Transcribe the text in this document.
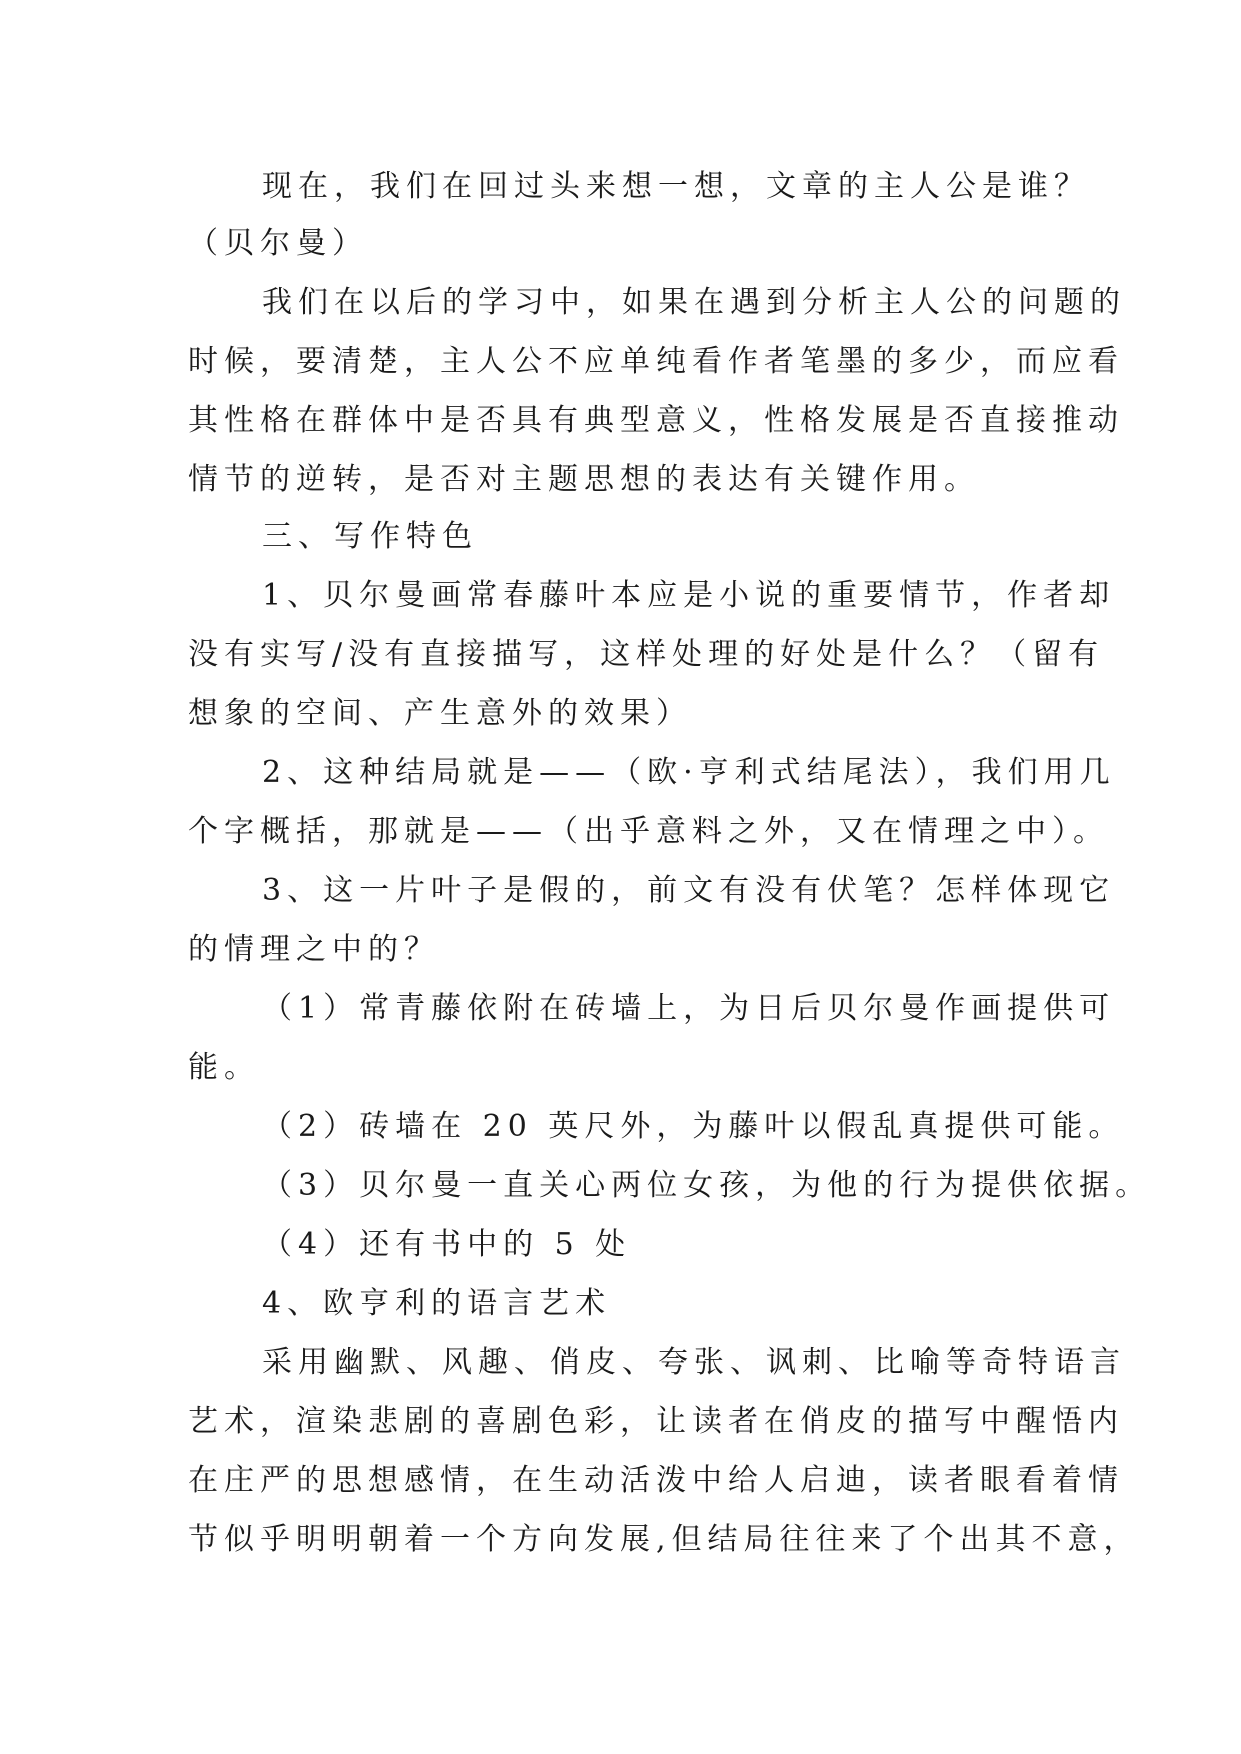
现在，我们在回过头来想一想，文章的主人公是谁？
（贝尔曼）
我们在以后的学习中，如果在遇到分析主人公的问题的
时候，要清楚，主人公不应单纯看作者笔墨的多少，而应看
其性格在群体中是否具有典型意义，性格发展是否直接推动
情节的逆转，是否对主题思想的表达有关键作用。
三、写作特色
1、贝尔曼画常春藤叶本应是小说的重要情节，作者却
没有实写/没有直接描写，这样处理的好处是什么？（留有
想象的空间、产生意外的效果）
2、这种结局就是——（欧·亨利式结尾法），我们用几
个字概括，那就是——（出乎意料之外，又在情理之中）。
3、这一片叶子是假的，前文有没有伏笔？怎样体现它
的情理之中的？
（1）常青藤依附在砖墙上，为日后贝尔曼作画提供可
能。
（2）砖墙在 20 英尺外，为藤叶以假乱真提供可能。
（3）贝尔曼一直关心两位女孩，为他的行为提供依据。
（4）还有书中的 5 处
4、欧亨利的语言艺术
采用幽默、风趣、俏皮、夸张、讽刺、比喻等奇特语言
艺术，渲染悲剧的喜剧色彩，让读者在俏皮的描写中醒悟内
在庄严的思想感情，在生动活泼中给人启迪，读者眼看着情
节似乎明明朝着一个方向发展,但结局往往来了个出其不意，
